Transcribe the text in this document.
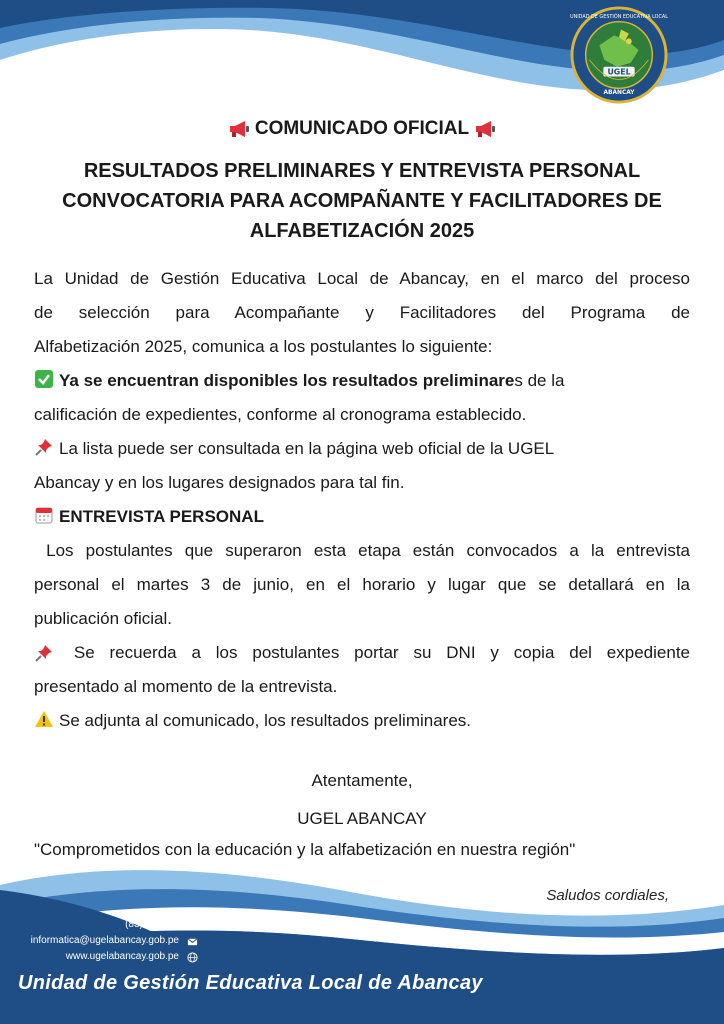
UGEL
ABANCAY
UNIDAD DE GESTIÓN EDUCATIVA LOCAL
COMUNICADO OFICIAL
RESULTADOS PRELIMINARES Y ENTREVISTA PERSONAL
CONVOCATORIA PARA ACOMPAÑANTE Y FACILITADORES DE
ALFABETIZACIÓN 2025
La Unidad de Gestión Educativa Local de Abancay, en el marco del proceso
de selección para Acompañante y Facilitadores del Programa de
Alfabetización 2025, comunica a los postulantes lo siguiente:
Ya se encuentran disponibles los resultados preliminares de la
calificación de expedientes, conforme al cronograma establecido.
La lista puede ser consultada en la página web oficial de la UGEL
Abancay y en los lugares designados para tal fin.
ENTREVISTA PERSONAL
Los postulantes que superaron esta etapa están convocados a la entrevista
personal el martes 3 de junio, en el horario y lugar que se detallará en la
publicación oficial.
Se recuerda a los postulantes portar su DNI y copia del expediente
presentado al momento de la entrevista.
Se adjunta al comunicado, los resultados preliminares.
Atentamente,
UGEL ABANCAY
"Comprometidos con la educación y la alfabetización en nuestra región"
Saludos cordiales,
(83) 322906
informatica@ugelabancay.gob.pe
www.ugelabancay.gob.pe
Unidad de Gestión Educativa Local de Abancay
